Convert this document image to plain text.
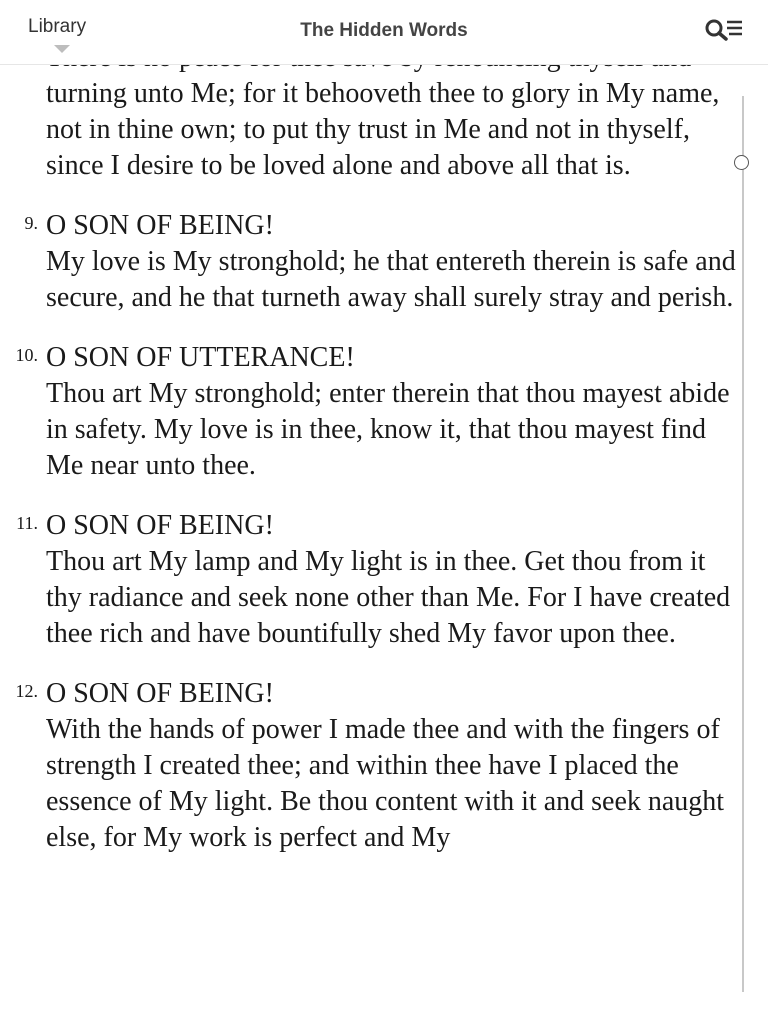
turning unto Me; for it behooveth thee to glory in My name, not in thine own; to put thy trust in Me and not in thyself, since I desire to be loved alone and above all that is.
9. O SON OF BEING!
My love is My stronghold; he that entereth therein is safe and secure, and he that turneth away shall surely stray and perish.
10. O SON OF UTTERANCE!
Thou art My stronghold; enter therein that thou mayest abide in safety. My love is in thee, know it, that thou mayest find Me near unto thee.
11. O SON OF BEING!
Thou art My lamp and My light is in thee. Get thou from it thy radiance and seek none other than Me. For I have created thee rich and have bountifully shed My favor upon thee.
12. O SON OF BEING!
With the hands of power I made thee and with the fingers of strength I created thee; and within thee have I placed the essence of My light. Be thou content with it and seek naught else, for My work is perfect and My
Library	The Hidden Words
